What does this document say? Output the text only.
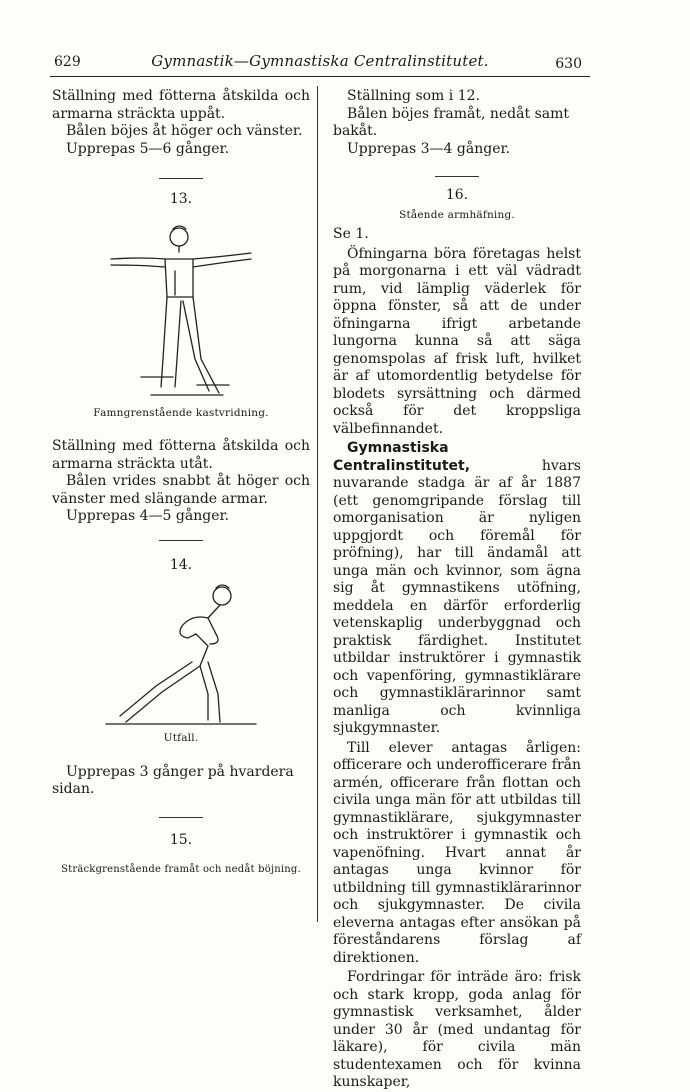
629	Gymnastik—Gymnastiska Centralinstitutet.	630

Ställning med fötterna åtskilda och armarna sträckta uppåt.

Bålen böjes åt höger och vänster.

Upprepas 5—6 gånger.

13.

Famngrenstående kastvridning.

Ställning med fötterna åtskilda och armarna sträckta utåt.

Bålen vrides snabbt åt höger och vänster med slängande armar.

Upprepas 4—5 gånger.

14.

Utfall.

Upprepas 3 gånger på hvardera sidan.

15.

Sträckgrenstående framåt och nedåt böjning.

Ställning som i 12.

Bålen böjes framåt, nedåt samt bakåt.

Upprepas 3—4 gånger.

16.

Stående armhäfning.

Se 1.

Öfningarna böra företagas helst på morgonarna i ett väl vädradt rum, vid lämplig väderlek för öppna fönster, så att de under öfningarna ifrigt arbetande lungorna kunna så att säga genomspolas af frisk luft, hvilket är af utomordentlig betydelse för blodets syrsättning och därmed också för det kroppsliga välbefinnandet.

Gymnastiska Centralinstitutet,	hvars nuvarande stadga är af år 1887 (ett genomgripande förslag till omorganisation är nyligen uppgjordt och föremål för pröfning), har till ändamål att unga män och kvinnor, som ägna sig åt gymnastikens utöfning, meddela en därför erforderlig vetenskaplig underbyggnad och praktisk färdighet. Institutet utbildar instruktörer i gymnastik och vapenföring, gymnastiklärare och gymnastiklärarinnor samt manliga och kvinnliga sjukgymnaster.

Till elever antagas årligen: officerare och underofficerare från armén, officerare från flottan och civila unga män för att utbildas till gymnastiklärare, sjukgymnaster och instruktörer i gymnastik och vapenöfning. Hvart annat år antagas unga kvinnor för utbildning till gymnastiklärarinnor och sjukgymnaster. De civila eleverna antagas efter ansökan på föreståndarens förslag af direktionen.

Fordringar för inträde äro: frisk och stark kropp, goda anlag för gymnastisk verksamhet, ålder under 30 år (med undantag för läkare), för civila män studentexamen och för kvinna kunskaper,
